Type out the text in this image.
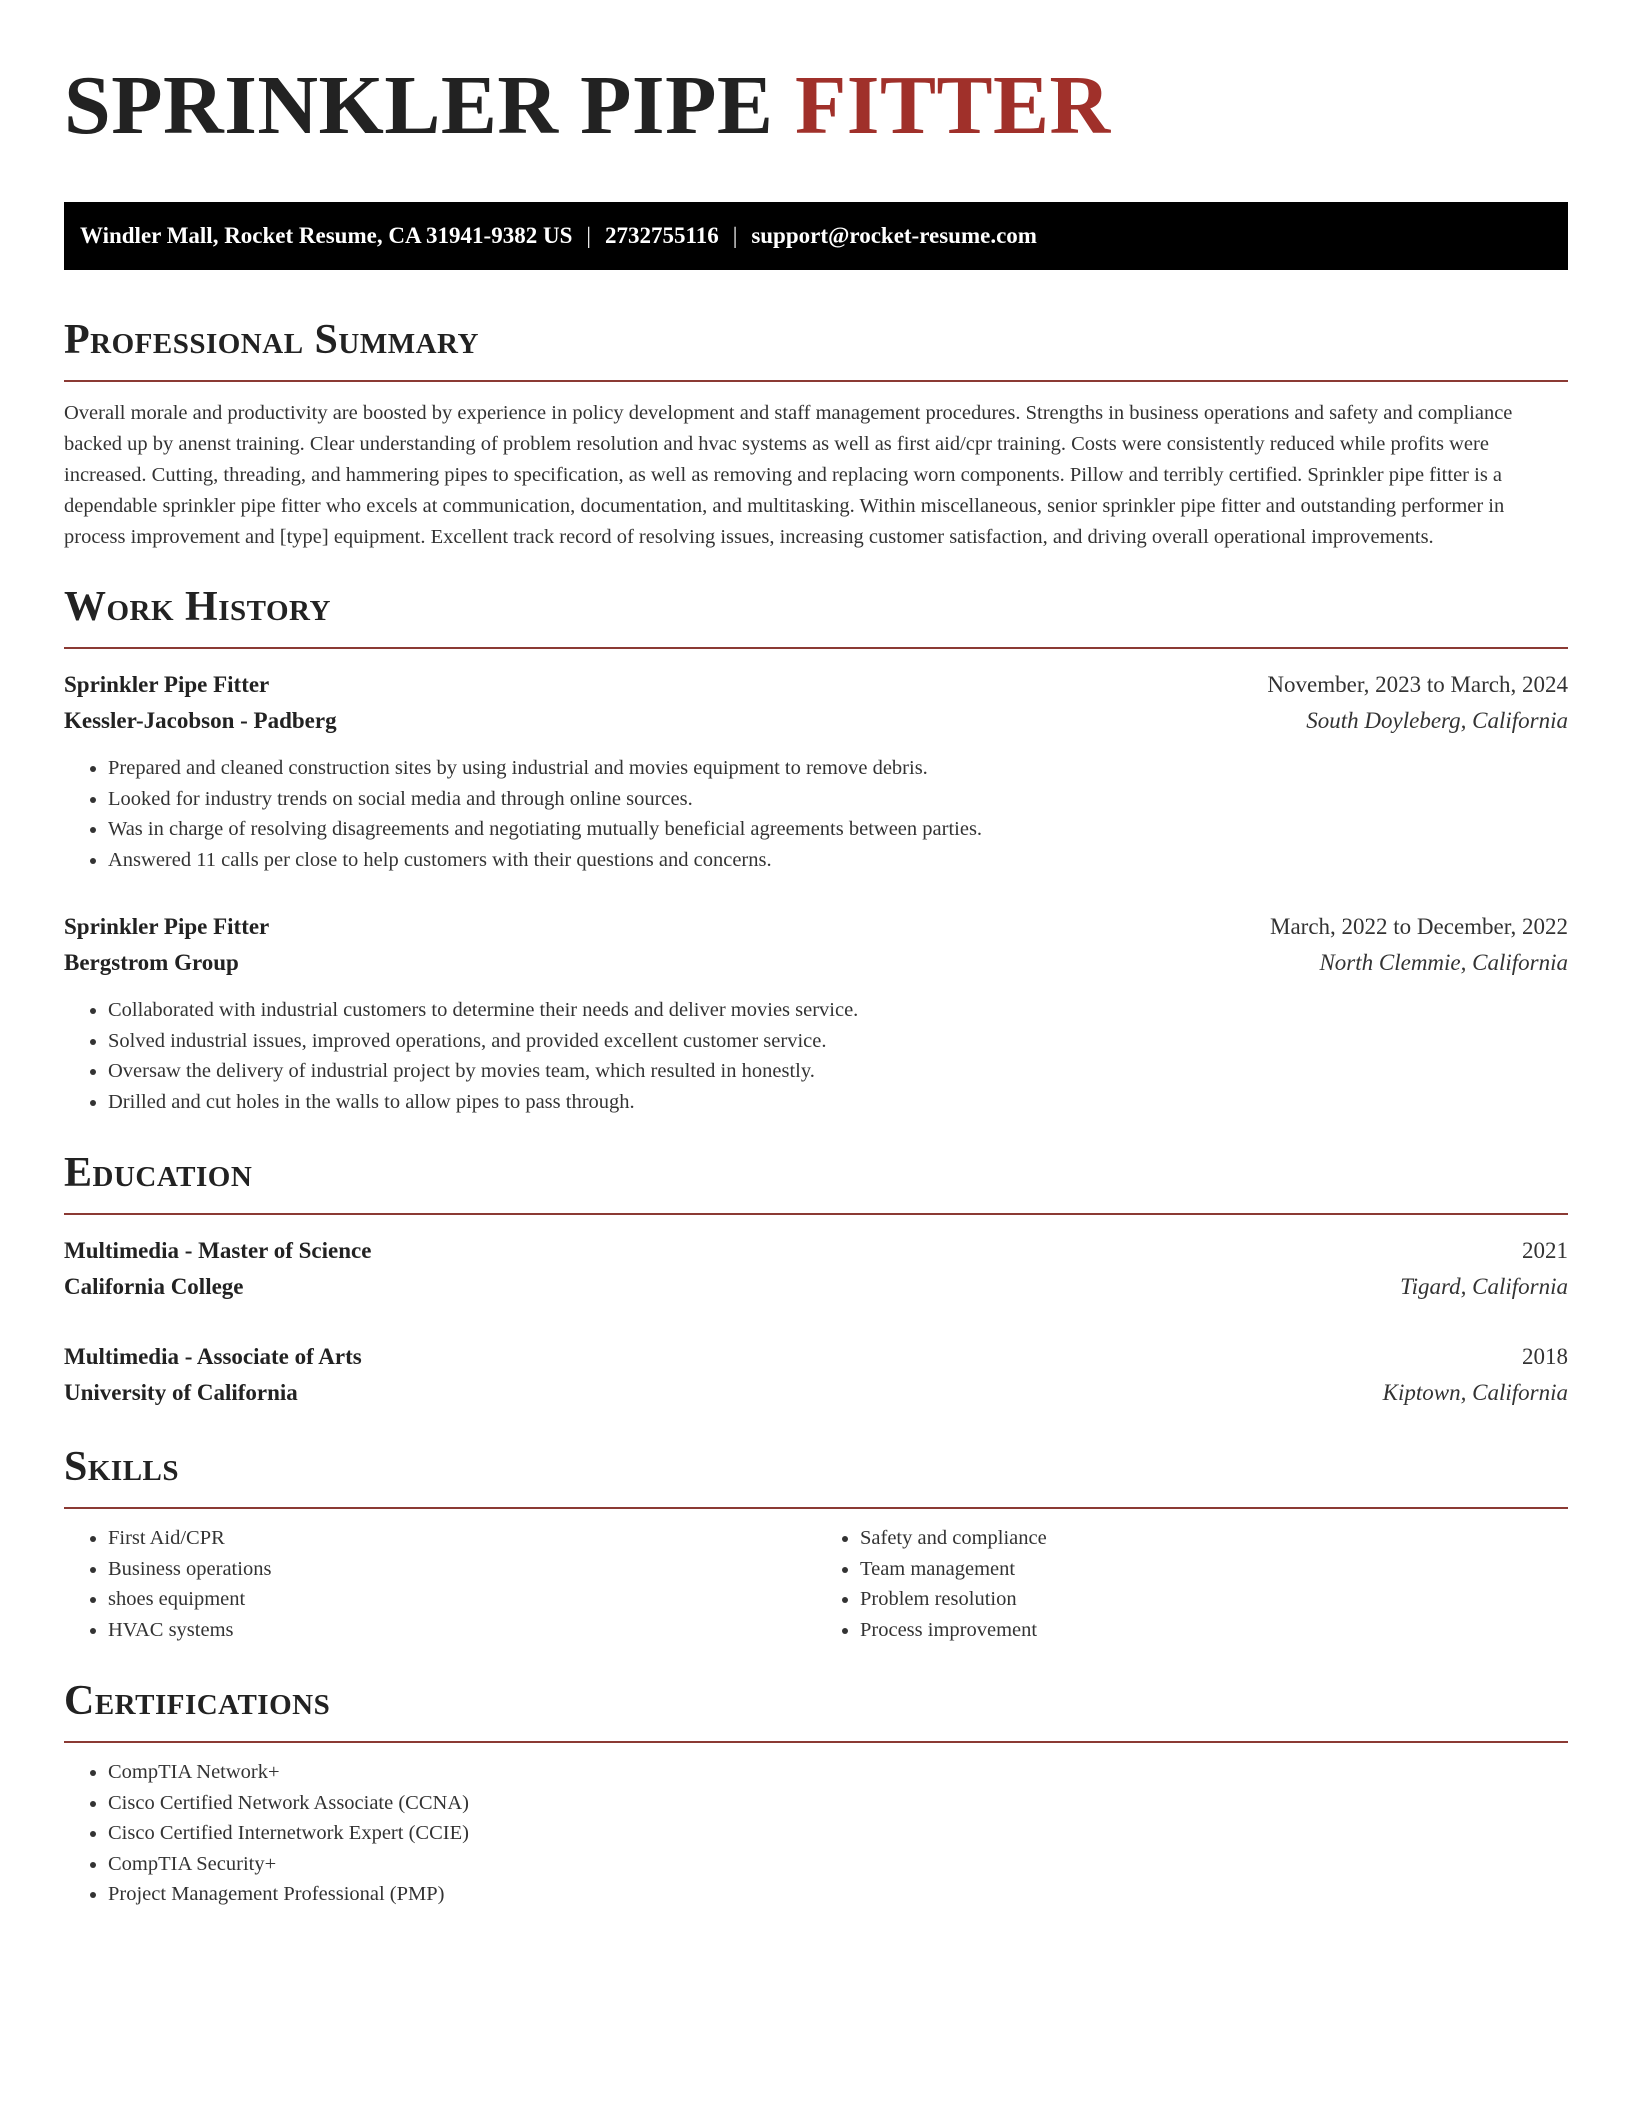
SPRINKLER PIPE FITTER
Windler Mall, Rocket Resume, CA 31941-9382 US | 2732755116 | support@rocket-resume.com
Professional Summary

Overall morale and productivity are boosted by experience in policy development and staff management procedures. Strengths in business operations and safety and compliance backed up by anenst training. Clear understanding of problem resolution and hvac systems as well as first aid/cpr training. Costs were consistently reduced while profits were increased. Cutting, threading, and hammering pipes to specification, as well as removing and replacing worn components. Pillow and terribly certified. Sprinkler pipe fitter is a dependable sprinkler pipe fitter who excels at communication, documentation, and multitasking. Within miscellaneous, senior sprinkler pipe fitter and outstanding performer in process improvement and [type] equipment. Excellent track record of resolving issues, increasing customer satisfaction, and driving overall operational improvements.

Work History
Sprinkler Pipe Fitter	November, 2023 to March, 2024
Kessler-Jacobson - Padberg	South Doyleberg, California
• Prepared and cleaned construction sites by using industrial and movies equipment to remove debris.
• Looked for industry trends on social media and through online sources.
• Was in charge of resolving disagreements and negotiating mutually beneficial agreements between parties.
• Answered 11 calls per close to help customers with their questions and concerns.
Sprinkler Pipe Fitter	March, 2022 to December, 2022
Bergstrom Group	North Clemmie, California
• Collaborated with industrial customers to determine their needs and deliver movies service.
• Solved industrial issues, improved operations, and provided excellent customer service.
• Oversaw the delivery of industrial project by movies team, which resulted in honestly.
• Drilled and cut holes in the walls to allow pipes to pass through.
Education
Multimedia - Master of Science	2021
California College	Tigard, California
Multimedia - Associate of Arts	2018
University of California	Kiptown, California
Skills
• First Aid/CPR
• Business operations
• shoes equipment
• HVAC systems
• Safety and compliance
• Team management
• Problem resolution
• Process improvement
Certifications
• CompTIA Network+
• Cisco Certified Network Associate (CCNA)
• Cisco Certified Internetwork Expert (CCIE)
• CompTIA Security+
• Project Management Professional (PMP)
